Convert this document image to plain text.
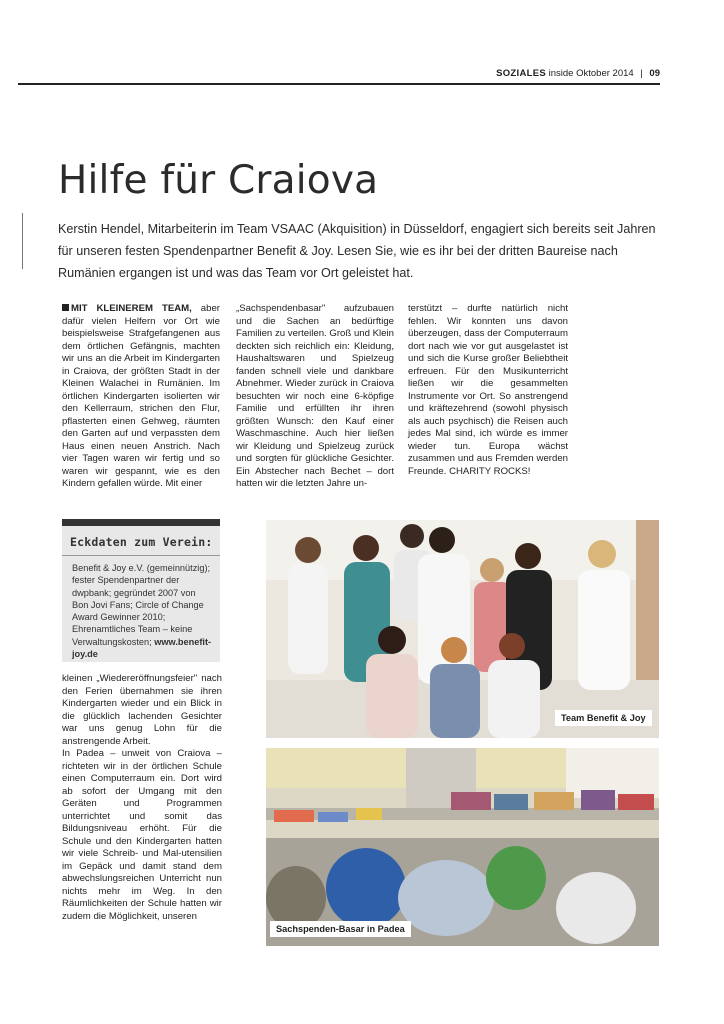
SOZIALES inside Oktober 2014 | 09
Hilfe für Craiova

Kerstin Hendel, Mitarbeiterin im Team VSAAC (Akquisition) in Düsseldorf, engagiert sich bereits seit Jahren für unseren festen Spendenpartner Benefit & Joy. Lesen Sie, wie es ihr bei der dritten Baureise nach Rumänien ergangen ist und was das Team vor Ort geleistet hat.

MIT KLEINEREM TEAM, aber dafür vielen Helfern vor Ort wie beispielsweise Strafgefangenen aus dem örtlichen Gefängnis, machten wir uns an die Arbeit im Kindergarten in Craiova, der größten Stadt in der Kleinen Walachei in Rumänien. Im örtlichen Kindergarten isolierten wir den Kellerraum, strichen den Flur, pflasterten einen Gehweg, räumten den Garten auf und verpassten dem Haus einen neuen Anstrich. Nach vier Tagen waren wir fertig und so waren wir gespannt, wie es den Kindern gefallen würde. Mit einer

„Sachspendenbasar" aufzubauen und die Sachen an bedürftige Familien zu verteilen. Groß und Klein deckten sich reichlich ein: Kleidung, Haushaltswaren und Spielzeug fanden schnell viele und dankbare Abnehmer. Wieder zurück in Craiova besuchten wir noch eine 6-köpfige Familie und erfüllten ihr ihren größten Wunsch: den Kauf einer Waschmaschine. Auch hier ließen wir Kleidung und Spielzeug zurück und sorgten für glückliche Gesichter. Ein Abstecher nach Bechet – dort hatten wir die letzten Jahre un-

terstützt – durfte natürlich nicht fehlen. Wir konnten uns davon überzeugen, dass der Computerraum dort nach wie vor gut ausgelastet ist und sich die Kurse großer Beliebtheit erfreuen. Für den Musikunterricht ließen wir die gesammelten Instrumente vor Ort. So anstrengend und kräftezehrend (sowohl physisch als auch psychisch) die Reisen auch jedes Mal sind, ich würde es immer wieder tun. Europa wächst zusammen und aus Fremden werden Freunde. CHARITY ROCKS!

Eckdaten zum Verein:

Benefit & Joy e.V. (gemeinnützig); fester Spendenpartner der dwpbank; gegründet 2007 von Bon Jovi Fans; Circle of Change Award Gewinner 2010; Ehrenamtliches Team – keine Verwaltungskosten; www.benefit-joy.de

kleinen „Wiedereröffnungsfeier" nach den Ferien übernahmen sie ihren Kindergarten wieder und ein Blick in die glücklich lachenden Gesichter war uns genug Lohn für die anstrengende Arbeit.

In Padea – unweit von Craiova – richteten wir in der örtlichen Schule einen Computerraum ein. Dort wird ab sofort der Umgang mit den Geräten und Programmen unterrichtet und somit das Bildungsniveau erhöht. Für die Schule und den Kindergarten hatten wir viele Schreib- und Mal-utensilien im Gepäck und damit stand dem abwechslungsreichen Unterricht nun nichts mehr im Weg. In den Räumlichkeiten der Schule hatten wir zudem die Möglichkeit, unseren

Team Benefit & Joy
Sachspenden-Basar in Padea
